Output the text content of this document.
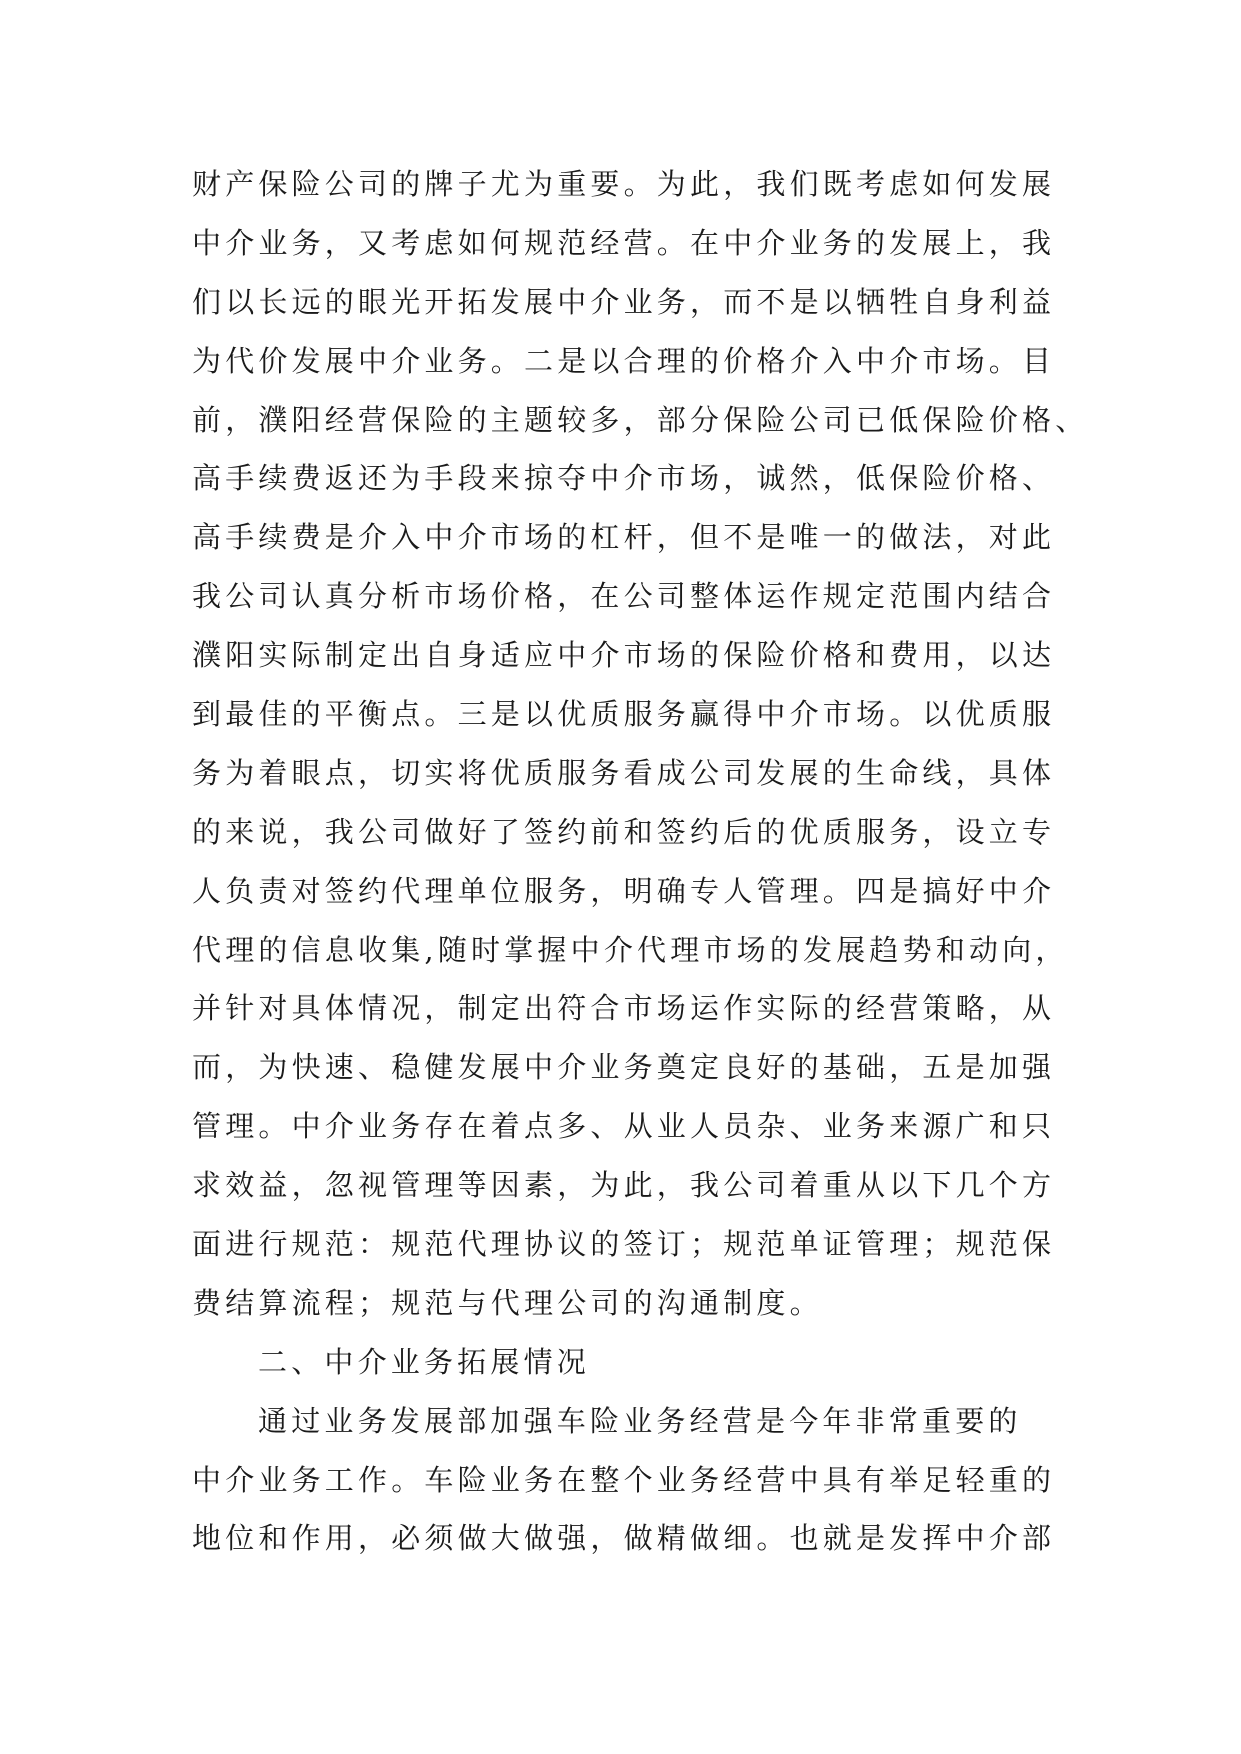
财产保险公司的牌子尤为重要。为此，我们既考虑如何发展
中介业务，又考虑如何规范经营。在中介业务的发展上，我
们以长远的眼光开拓发展中介业务，而不是以牺牲自身利益
为代价发展中介业务。二是以合理的价格介入中介市场。目
前，濮阳经营保险的主题较多，部分保险公司已低保险价格、
高手续费返还为手段来掠夺中介市场，诚然，低保险价格、
高手续费是介入中介市场的杠杆，但不是唯一的做法，对此
我公司认真分析市场价格，在公司整体运作规定范围内结合
濮阳实际制定出自身适应中介市场的保险价格和费用，以达
到最佳的平衡点。三是以优质服务赢得中介市场。以优质服
务为着眼点，切实将优质服务看成公司发展的生命线，具体
的来说，我公司做好了签约前和签约后的优质服务，设立专
人负责对签约代理单位服务，明确专人管理。四是搞好中介
代理的信息收集,随时掌握中介代理市场的发展趋势和动向，
并针对具体情况，制定出符合市场运作实际的经营策略，从
而，为快速、稳健发展中介业务奠定良好的基础，五是加强
管理。中介业务存在着点多、从业人员杂、业务来源广和只
求效益，忽视管理等因素，为此，我公司着重从以下几个方
面进行规范：规范代理协议的签订；规范单证管理；规范保
费结算流程；规范与代理公司的沟通制度。
二、中介业务拓展情况
通过业务发展部加强车险业务经营是今年非常重要的
中介业务工作。车险业务在整个业务经营中具有举足轻重的
地位和作用，必须做大做强，做精做细。也就是发挥中介部
